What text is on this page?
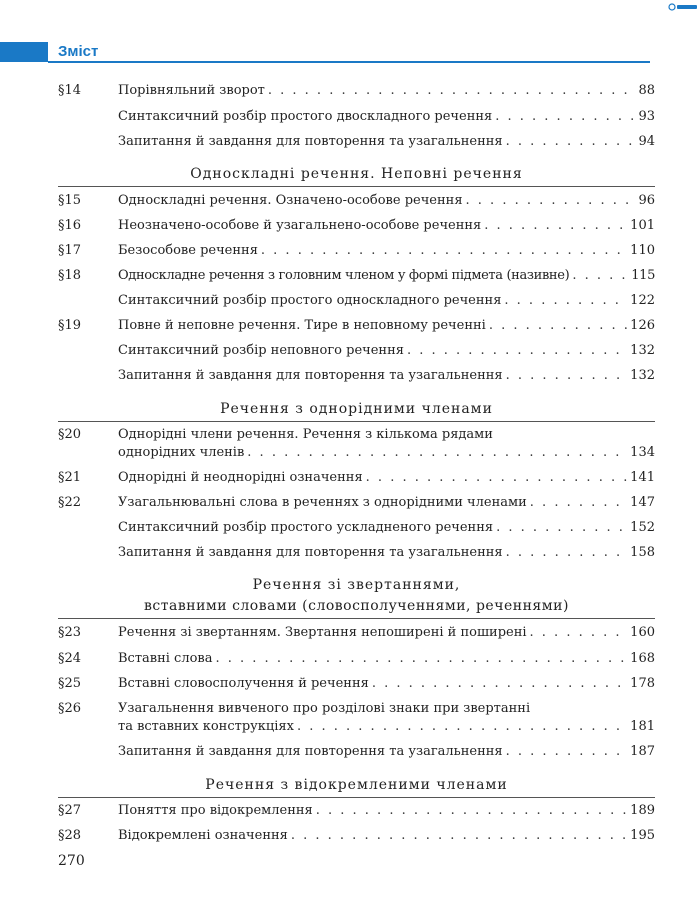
Зміст
§14	Порівняльний зворот . . .	88
Синтаксичний розбір простого двоскладного речення . . .	93
Запитання й завдання для повторення та узагальнення . . .	94
Односкладні речення. Неповні речення
§15	Односкладні речення. Означено-особове речення . . .	96
§16	Неозначено-особове й узагальнено-особове речення . . .	101
§17	Безособове речення . . .	110
§18	Односкладне речення з головним членом у формі підмета (називне) . . .	115
Синтаксичний розбір простого односкладного речення . . .	122
§19	Повне й неповне речення. Тире в неповному реченні . . .	126
Синтаксичний розбір неповного речення . . .	132
Запитання й завдання для повторення та узагальнення . . .	132
Речення з однорідними членами
§20	Однорідні члени речення. Речення з кількома рядами
однорідних членів . . .	134
§21	Однорідні й неоднорідні означення . . .	141
§22	Узагальнювальні слова в реченнях з однорідними членами . . .	147
Синтаксичний розбір простого ускладненого речення . . .	152
Запитання й завдання для повторення та узагальнення . . .	158
Речення зі звертаннями,
вставними словами (словосполученнями, реченнями)
§23	Речення зі звертанням. Звертання непоширені й поширені . . .	160
§24	Вставні слова . . .	168
§25	Вставні словосполучення й речення . . .	178
§26	Узагальнення вивченого про розділові знаки при звертанні
та вставних конструкціях . . .	181
Запитання й завдання для повторення та узагальнення . . .	187
Речення з відокремленими членами
§27	Поняття про відокремлення . . .	189
§28	Відокремлені означення . . .	195
270
